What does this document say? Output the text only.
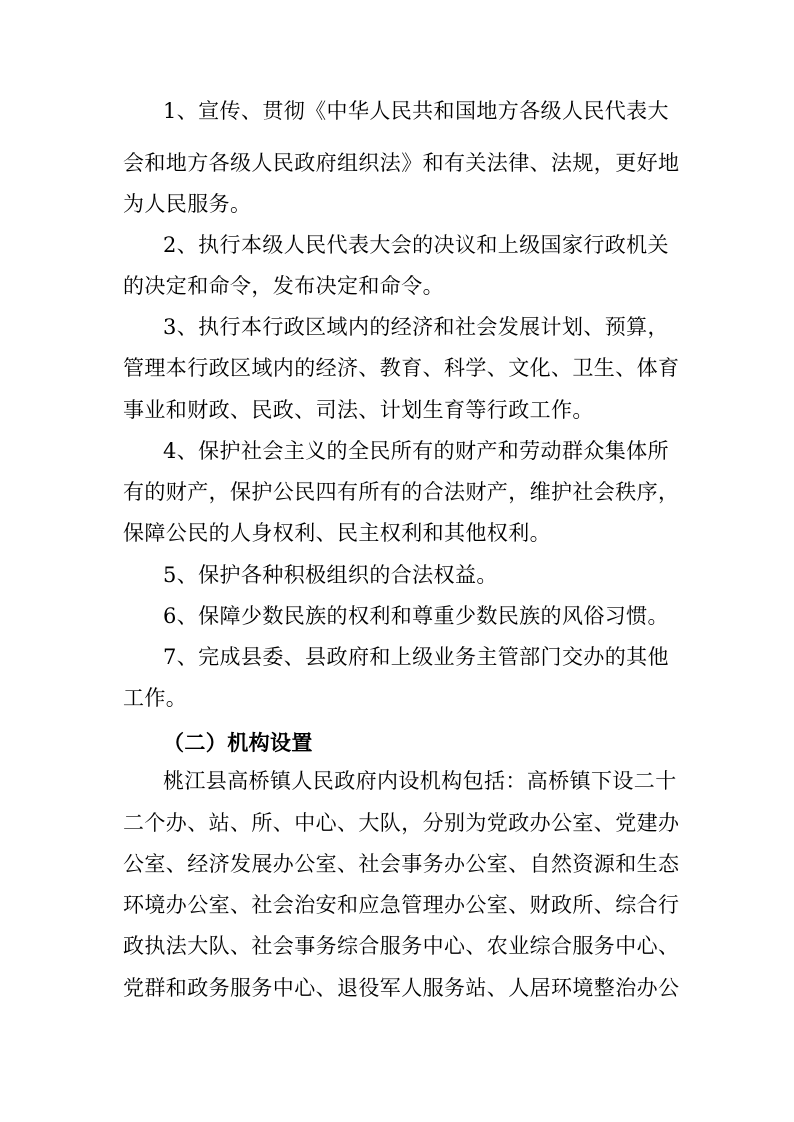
1、宣传、贯彻《中华人民共和国地方各级人民代表大
会和地方各级人民政府组织法》和有关法律、法规，更好地
为人民服务。
2、执行本级人民代表大会的决议和上级国家行政机关
的决定和命令，发布决定和命令。
3、执行本行政区域内的经济和社会发展计划、预算，
管理本行政区域内的经济、教育、科学、文化、卫生、体育
事业和财政、民政、司法、计划生育等行政工作。
4、保护社会主义的全民所有的财产和劳动群众集体所
有的财产，保护公民四有所有的合法财产，维护社会秩序，
保障公民的人身权利、民主权利和其他权利。
5、保护各种积极组织的合法权益。
6、保障少数民族的权利和尊重少数民族的风俗习惯。
7、完成县委、县政府和上级业务主管部门交办的其他
工作。
（二）机构设置
桃江县高桥镇人民政府内设机构包括：高桥镇下设二十
二个办、站、所、中心、大队，分别为党政办公室、党建办
公室、经济发展办公室、社会事务办公室、自然资源和生态
环境办公室、社会治安和应急管理办公室、财政所、综合行
政执法大队、社会事务综合服务中心、农业综合服务中心、
党群和政务服务中心、退役军人服务站、人居环境整治办公
